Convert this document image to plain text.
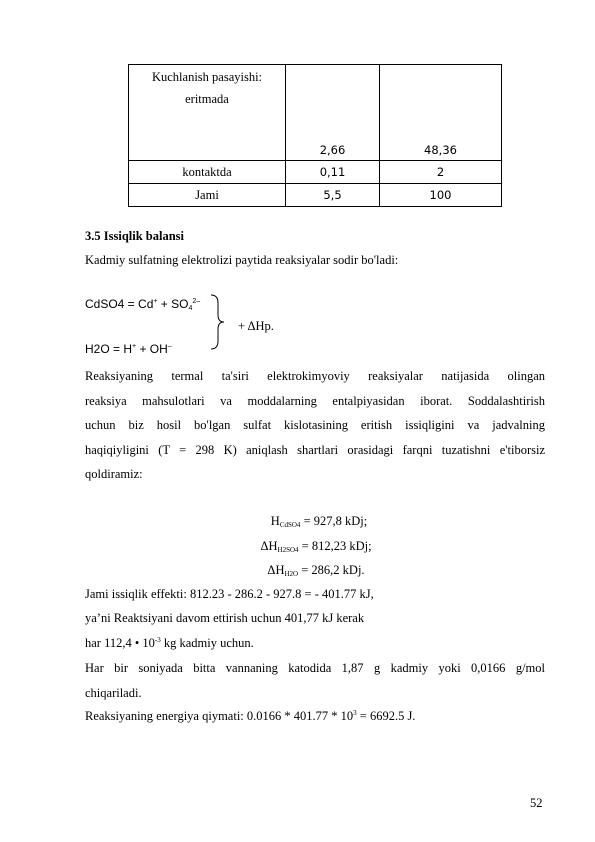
Kuchlanish pasayishi:
eritmada	2,66	48,36
kontaktda	0,11	2
Jami	5,5	100
3.5 Issiqlik balansi
Kadmiy sulfatning elektrolizi paytida reaksiyalar sodir bo'ladi:
CdSO4 = $Cd^+ + SO_4^{2-}$
+ ΔHp.
H2O = H+ + OH–
Reaksiyaning termal ta'siri elektrokimyoviy reaksiyalar natijasida olingan
reaksiya mahsulotlari va moddalarning entalpiyasidan iborat. Soddalashtirish
uchun biz hosil bo'lgan sulfat kislotasining eritish issiqligini va jadvalning
haqiqiyligini (T = 298 K) aniqlash shartlari orasidagi farqni tuzatishni e'tiborsiz
qoldiramiz:
$H_{CdSO4} = 927,8$ kDj;
$\Delta H_{H2SO4} = 812,23$ kDj;
$\Delta H_{H2O} = 286,2$ kDj.
Jami issiqlik effekti: 812.23 - 286.2 - 927.8 = - 401.77 kJ,
ya’ni Reaktsiyani davom ettirish uchun 401,77 kJ kerak
har 112,4 • $10^{-3}$ kg kadmiy uchun.
Har bir soniyada bitta vannaning katodida 1,87 g kadmiy yoki 0,0166 g/mol
chiqariladi.
Reaksiyaning energiya qiymati: $0.0166 * 401.77 * 10^3 = 6692.5$ J.
52
